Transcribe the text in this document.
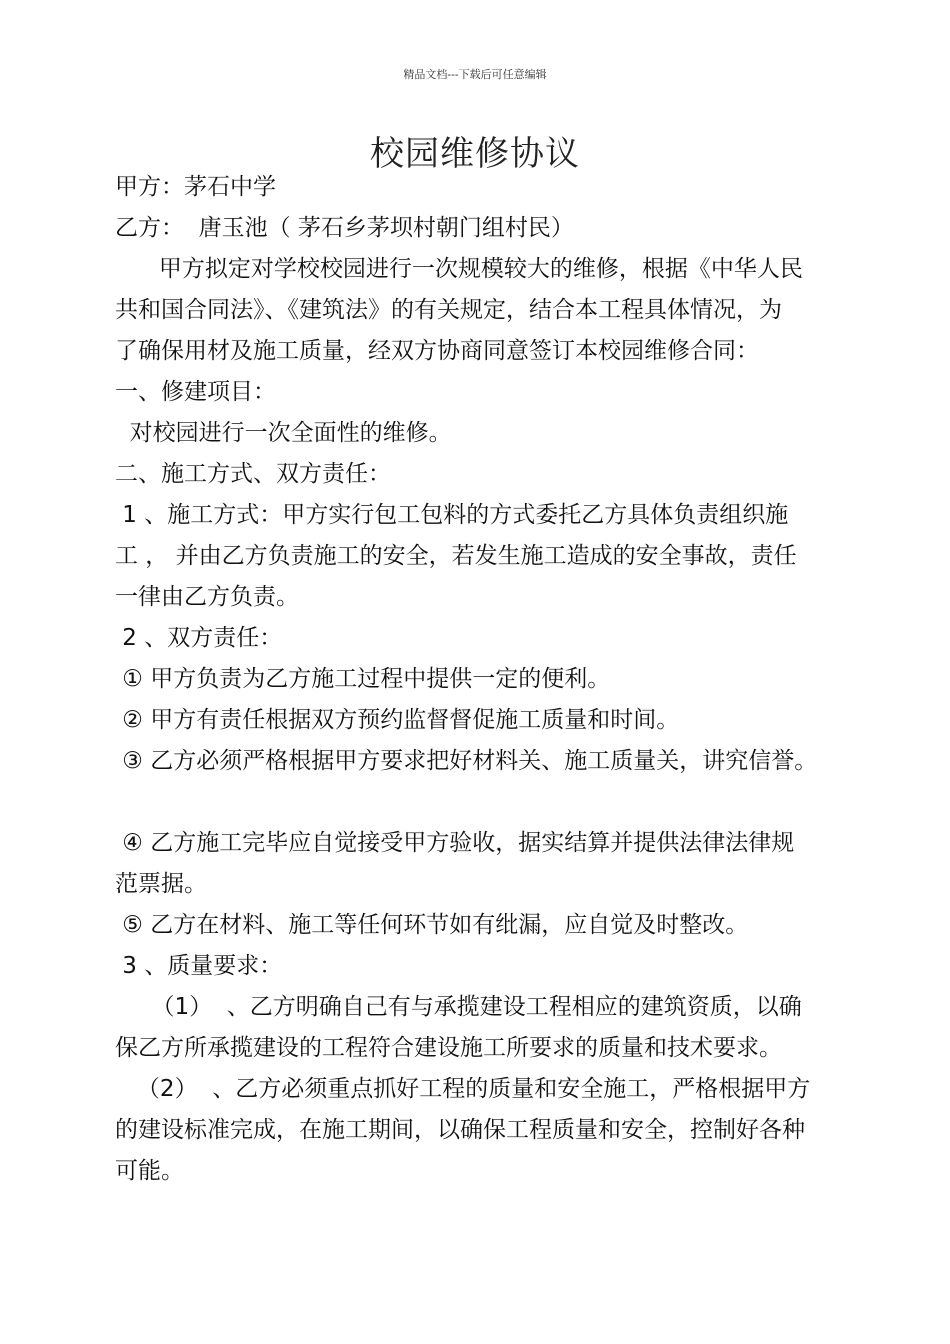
精品文档---下载后可任意编辑
校园维修协议
甲方：茅石中学
乙方：  唐玉池（ 茅石乡茅坝村朝门组村民）
甲方拟定对学校校园进行一次规模较大的维修，根据《中华人民
共和国合同法》、《建筑法》的有关规定，结合本工程具体情况，为
了确保用材及施工质量，经双方协商同意签订本校园维修合同：
一、修建项目：
对校园进行一次全面性的维修。
二、施工方式、双方责任：
1 、施工方式：甲方实行包工包料的方式委托乙方具体负责组织施
工 ， 并由乙方负责施工的安全，若发生施工造成的安全事故，责任
一律由乙方负责。
2 、双方责任：
① 甲方负责为乙方施工过程中提供一定的便利。
② 甲方有责任根据双方预约监督督促施工质量和时间。
③ 乙方必须严格根据甲方要求把好材料关、施工质量关，讲究信誉。
④ 乙方施工完毕应自觉接受甲方验收，据实结算并提供法律法律规
范票据。
⑤ 乙方在材料、施工等任何环节如有纰漏，应自觉及时整改。
3 、质量要求：
（1）  、乙方明确自己有与承揽建设工程相应的建筑资质，以确
保乙方所承揽建设的工程符合建设施工所要求的质量和技术要求。
（2）  、乙方必须重点抓好工程的质量和安全施工，严格根据甲方
的建设标准完成，在施工期间，以确保工程质量和安全，控制好各种
可能。
